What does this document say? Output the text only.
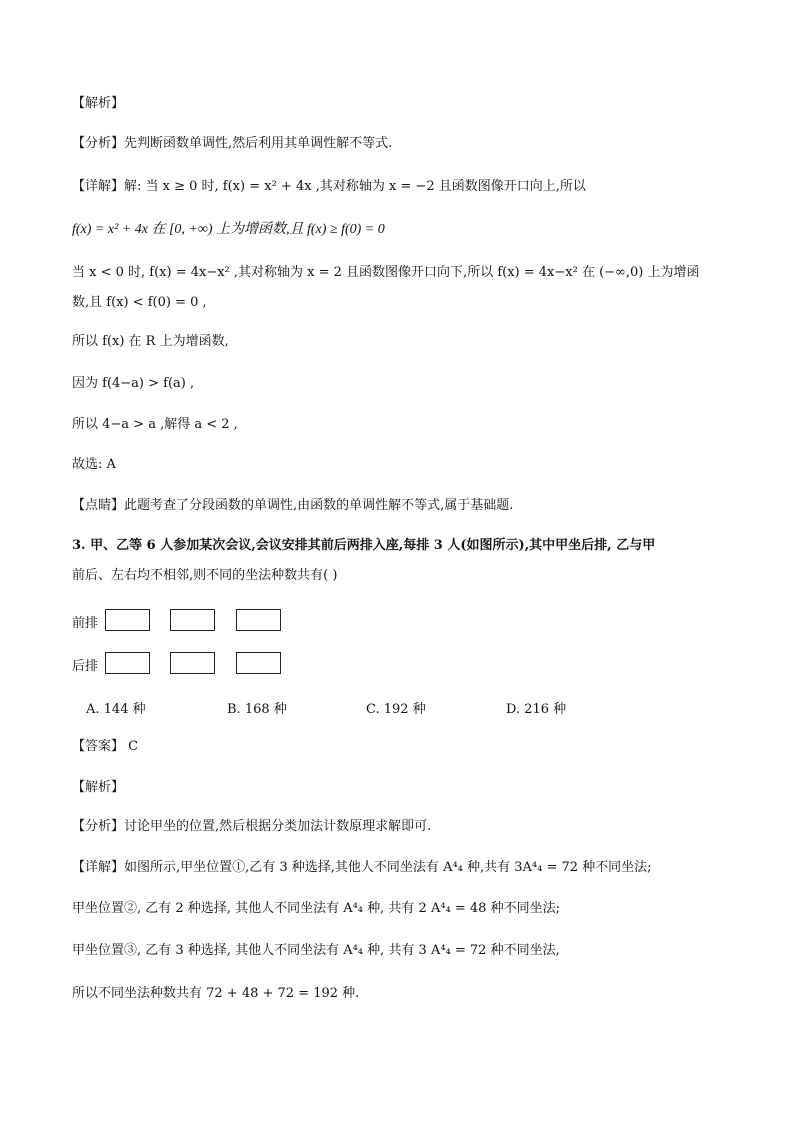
【解析】
【分析】先判断函数单调性,然后利用其单调性解不等式.
【详解】解: 当 x ≥ 0 时, f(x) = x² + 4x ,其对称轴为 x = −2 且函数图像开口向上,所以
f(x) = x² + 4x 在 [0, +∞) 上为增函数,且 f(x) ≥ f(0) = 0
当 x < 0 时, f(x) = 4x−x² ,其对称轴为 x = 2 且函数图像开口向下,所以 f(x) = 4x−x² 在 (−∞,0) 上为增函
数,且 f(x) < f(0) = 0 ,
所以 f(x) 在 R 上为增函数,
因为 f(4−a) > f(a) ,
所以 4−a > a ,解得 a < 2 ,
故选: A
【点睛】此题考查了分段函数的单调性,由函数的单调性解不等式,属于基础题.
3. 甲、乙等 6 人参加某次会议,会议安排其前后两排入座,每排 3 人(如图所示),其中甲坐后排, 乙与甲
前后、左右均不相邻,则不同的坐法种数共有( )
前排
后排
A. 144 种	B. 168 种	C. 192 种	D. 216 种
【答案】 C
【解析】
【分析】讨论甲坐的位置,然后根据分类加法计数原理求解即可.
【详解】如图所示,甲坐位置①,乙有 3 种选择,其他人不同坐法有 A⁴₄ 种,共有 3A⁴₄ = 72 种不同坐法;
甲坐位置②, 乙有 2 种选择, 其他人不同坐法有 A⁴₄ 种, 共有 2 A⁴₄ = 48 种不同坐法;
甲坐位置③, 乙有 3 种选择, 其他人不同坐法有 A⁴₄ 种, 共有 3 A⁴₄ = 72 种不同坐法,
所以不同坐法种数共有 72 + 48 + 72 = 192 种.
